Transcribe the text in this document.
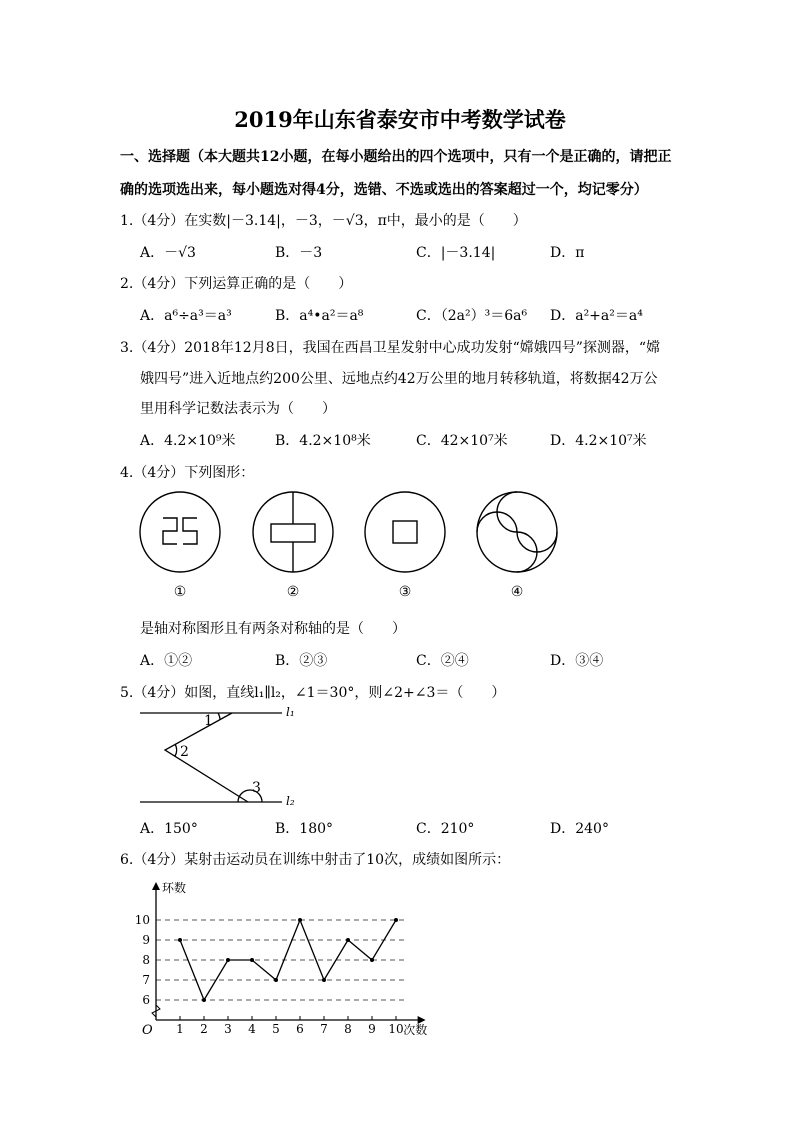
2019年山东省泰安市中考数学试卷
一、选择题（本大题共12小题，在每小题给出的四个选项中，只有一个是正确的，请把正
确的选项选出来，每小题选对得4分，选错、不选或选出的答案超过一个，均记零分）
1.（4分）在实数|－3.14|，－3，－√3，π中，最小的是（　　）
A．－√3	B．－3	C．|－3.14|	D．π
2.（4分）下列运算正确的是（　　）
A．a⁶÷a³＝a³	B．a⁴•a²＝a⁸	C．（2a²）³＝6a⁶ D．a²+a²＝a⁴
3.（4分）2018年12月8日，我国在西昌卫星发射中心成功发射“嫦娥四号”探测器，“嫦
娥四号”进入近地点约200公里、远地点约42万公里的地月转移轨道，将数据42万公
里用科学记数法表示为（　　）
A．4.2×10⁹米	B．4.2×10⁸米	C．42×10⁷米	D．4.2×10⁷米
4.（4分）下列图形：
①	②	③	④
是轴对称图形且有两条对称轴的是（　　）
A．①②	B．②③	C．②④	D．③④
5.（4分）如图，直线l₁∥l₂，∠1＝30°，则∠2+∠3＝（　　）
l₁
l₂
1
2
3
A．150°	B．180°	C．210°	D．240°
6.（4分）某射击运动员在训练中射击了10次，成绩如图所示：
1 2 3 4 5 6 7 8 9 10
6
7
8
9
10
环数
次数
O
